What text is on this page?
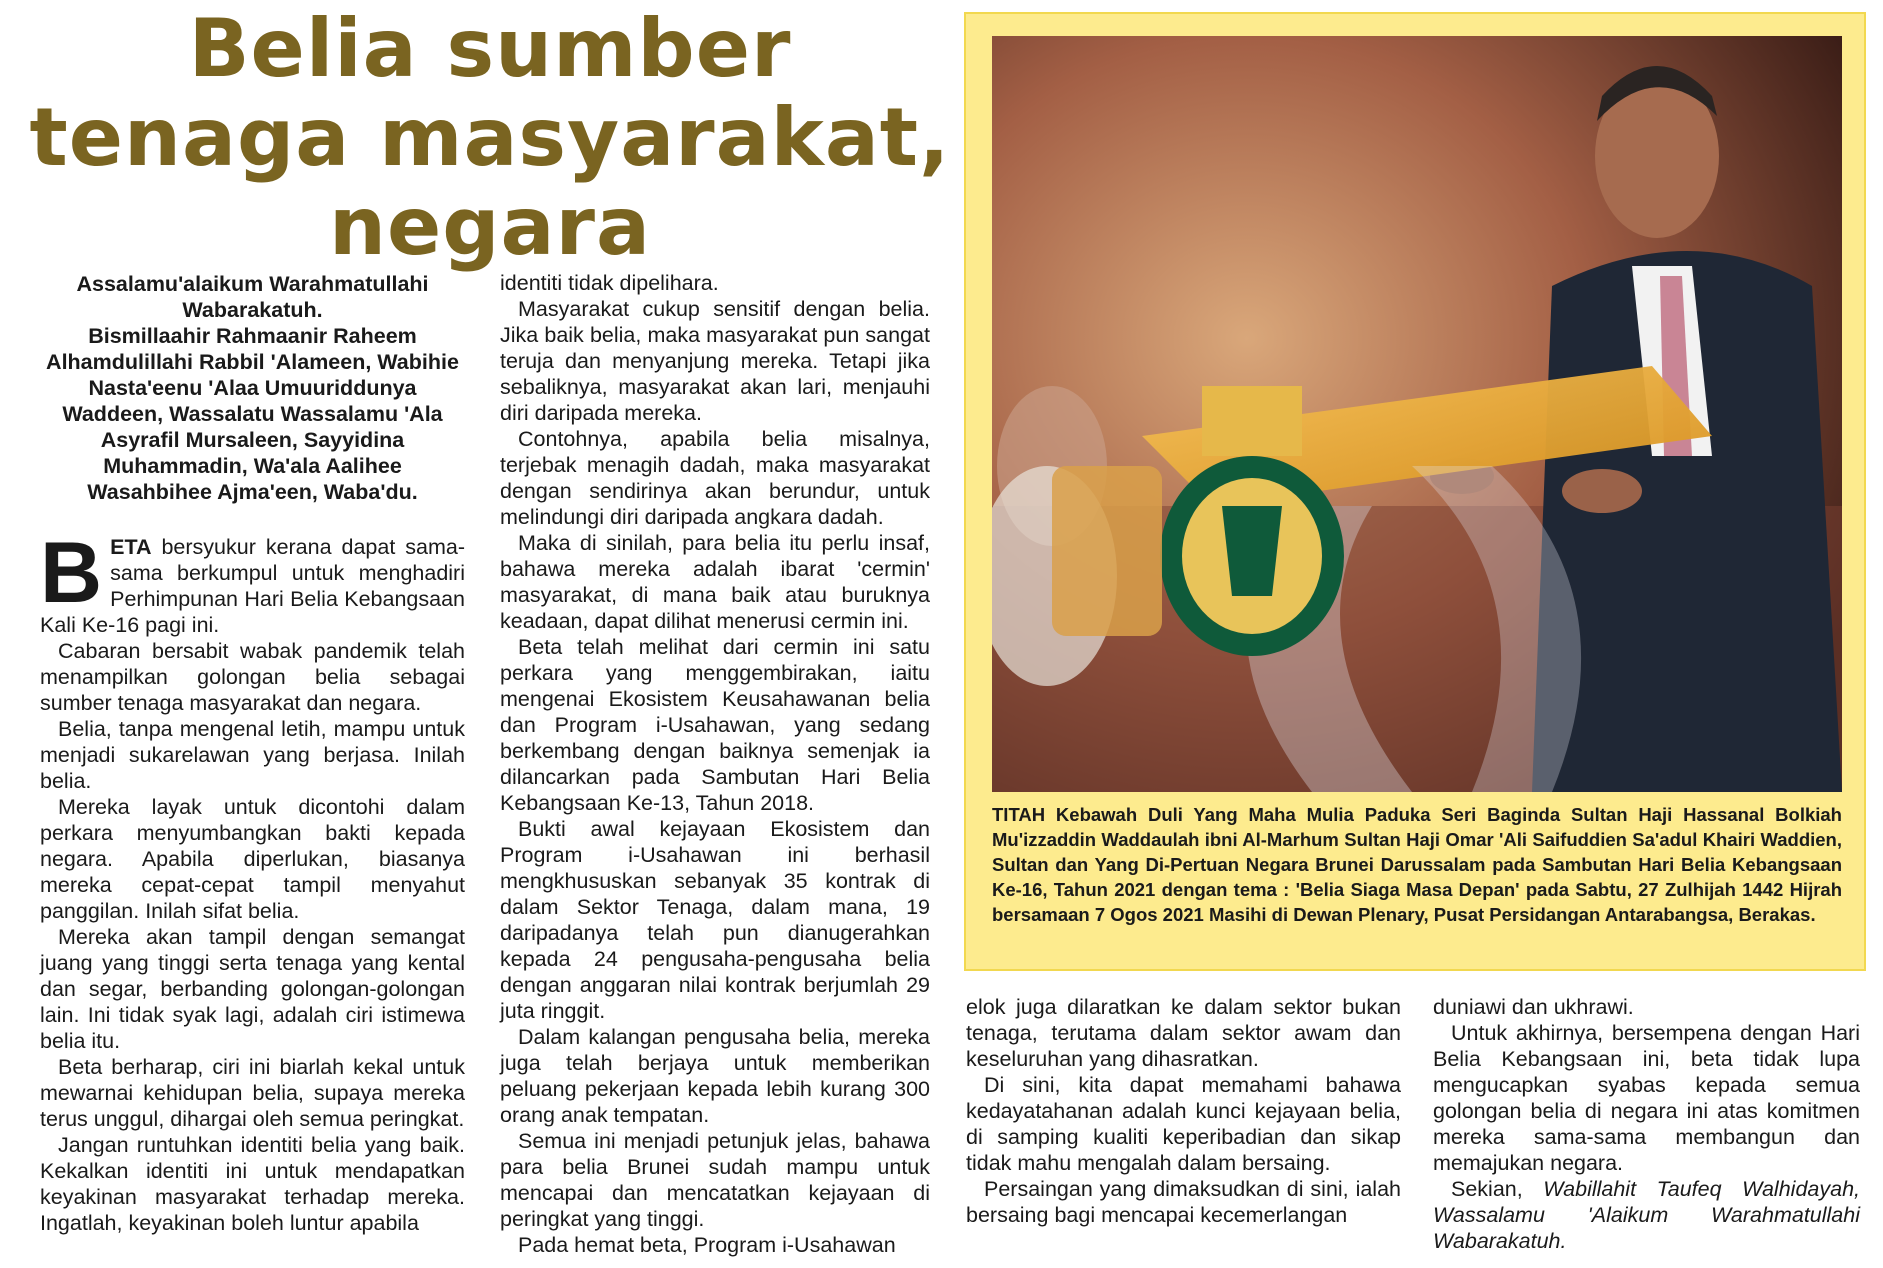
Belia sumber
tenaga masyarakat,
negara
Assalamu'alaikum Warahmatullahi
Wabarakatuh.
Bismillaahir Rahmaanir Raheem
Alhamdulillahi Rabbil 'Alameen, Wabihie
Nasta'eenu 'Alaa Umuuriddunya
Waddeen, Wassalatu Wassalamu 'Ala
Asyrafil Mursaleen, Sayyidina
Muhammadin, Wa'ala Aalihee
Wasahbihee Ajma'een, Waba'du.

BETA bersyukur kerana dapat sama-sama berkumpul untuk menghadiri Perhimpunan Hari Belia Kebangsaan Kali Ke-16 pagi ini.

Cabaran bersabit wabak pandemik telah menampilkan golongan belia sebagai sumber tenaga masyarakat dan negara.

Belia, tanpa mengenal letih, mampu untuk menjadi sukarelawan yang berjasa. Inilah belia.

Mereka layak untuk dicontohi dalam perkara menyumbangkan bakti kepada negara. Apabila diperlukan, biasanya mereka cepat-cepat tampil menyahut panggilan. Inilah sifat belia.

Mereka akan tampil dengan semangat juang yang tinggi serta tenaga yang kental dan segar, berbanding golongan-golongan lain. Ini tidak syak lagi, adalah ciri istimewa belia itu.

Beta berharap, ciri ini biarlah kekal untuk mewarnai kehidupan belia, supaya mereka terus unggul, dihargai oleh semua peringkat.

Jangan runtuhkan identiti belia yang baik. Kekalkan identiti ini untuk mendapatkan keyakinan masyarakat terhadap mereka. Ingatlah, keyakinan boleh luntur apabila

identiti tidak dipelihara.

Masyarakat cukup sensitif dengan belia. Jika baik belia, maka masyarakat pun sangat teruja dan menyanjung mereka. Tetapi jika sebaliknya, masyarakat akan lari, menjauhi diri daripada mereka.

Contohnya, apabila belia misalnya, terjebak menagih dadah, maka masyarakat dengan sendirinya akan berundur, untuk melindungi diri daripada angkara dadah.

Maka di sinilah, para belia itu perlu insaf, bahawa mereka adalah ibarat 'cermin' masyarakat, di mana baik atau buruknya keadaan, dapat dilihat menerusi cermin ini.

Beta telah melihat dari cermin ini satu perkara yang menggembirakan, iaitu mengenai Ekosistem Keusahawanan belia dan Program i-Usahawan, yang sedang berkembang dengan baiknya semenjak ia dilancarkan pada Sambutan Hari Belia Kebangsaan Ke-13, Tahun 2018.

Bukti awal kejayaan Ekosistem dan Program i-Usahawan ini berhasil mengkhususkan sebanyak 35 kontrak di dalam Sektor Tenaga, dalam mana, 19 daripadanya telah pun dianugerahkan kepada 24 pengusaha-pengusaha belia dengan anggaran nilai kontrak berjumlah 29 juta ringgit.

Dalam kalangan pengusaha belia, mereka juga telah berjaya untuk memberikan peluang pekerjaan kepada lebih kurang 300 orang anak tempatan.

Semua ini menjadi petunjuk jelas, bahawa para belia Brunei sudah mampu untuk mencapai dan mencatatkan kejayaan di peringkat yang tinggi.

Pada hemat beta, Program i-Usahawan

TITAH Kebawah Duli Yang Maha Mulia Paduka Seri Baginda Sultan Haji Hassanal Bolkiah Mu'izzaddin Waddaulah ibni Al-Marhum Sultan Haji Omar 'Ali Saifuddien Sa'adul Khairi Waddien, Sultan dan Yang Di-Pertuan Negara Brunei Darussalam pada Sambutan Hari Belia Kebangsaan Ke-16, Tahun 2021 dengan tema : 'Belia Siaga Masa Depan' pada Sabtu, 27 Zulhijah 1442 Hijrah bersamaan 7 Ogos 2021 Masihi di Dewan Plenary, Pusat Persidangan Antarabangsa, Berakas.

elok juga dilaratkan ke dalam sektor bukan tenaga, terutama dalam sektor awam dan keseluruhan yang dihasratkan.

Di sini, kita dapat memahami bahawa kedayatahanan adalah kunci kejayaan belia, di samping kualiti keperibadian dan sikap tidak mahu mengalah dalam bersaing.

Persaingan yang dimaksudkan di sini, ialah bersaing bagi mencapai kecemerlangan

duniawi dan ukhrawi.

Untuk akhirnya, bersempena dengan Hari Belia Kebangsaan ini, beta tidak lupa mengucapkan syabas kepada semua golongan belia di negara ini atas komitmen mereka sama-sama membangun dan memajukan negara.

Sekian, Wabillahit Taufeq Walhidayah, Wassalamu 'Alaikum Warahmatullahi Wabarakatuh.
